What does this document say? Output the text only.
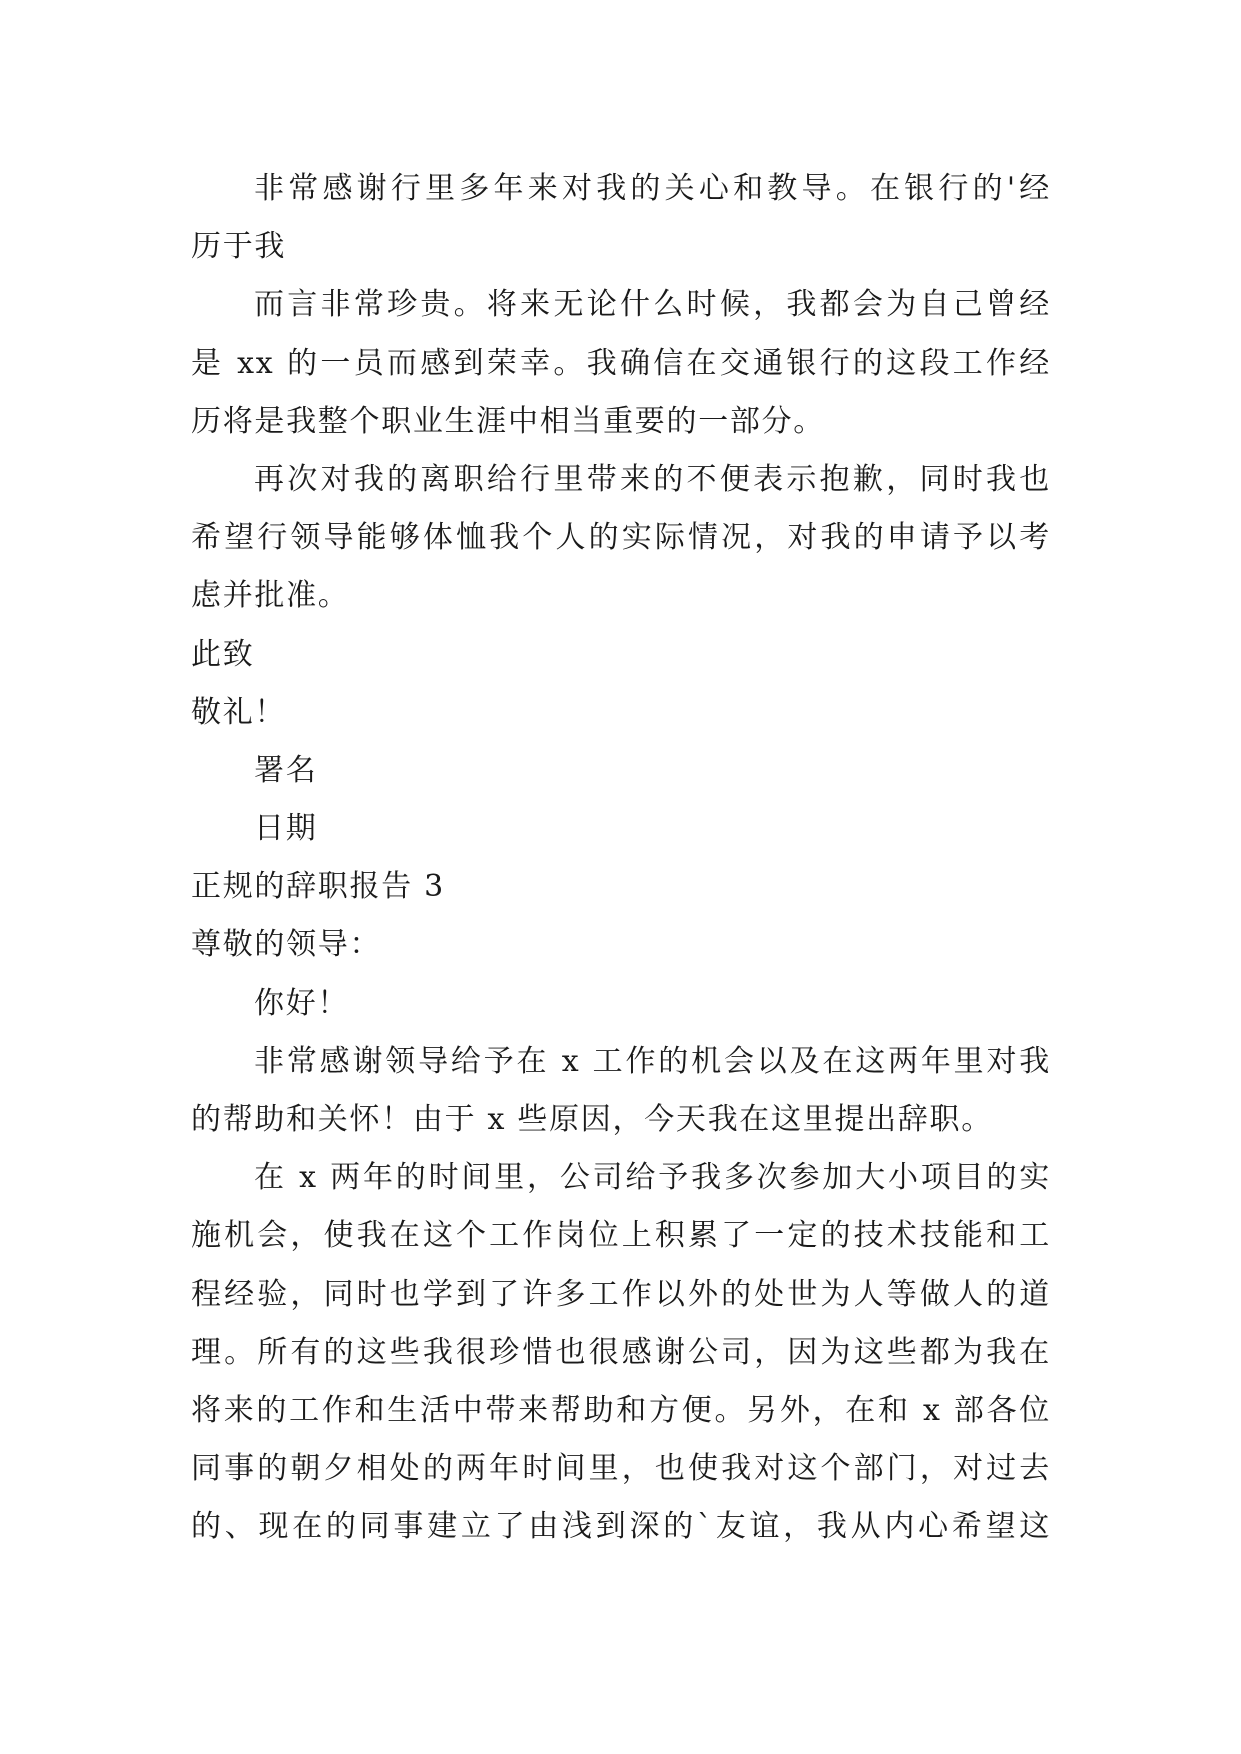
非常感谢行里多年来对我的关心和教导。在银行的'经
历于我
而言非常珍贵。将来无论什么时候，我都会为自己曾经
是 xx 的一员而感到荣幸。我确信在交通银行的这段工作经
历将是我整个职业生涯中相当重要的一部分。
再次对我的离职给行里带来的不便表示抱歉，同时我也
希望行领导能够体恤我个人的实际情况，对我的申请予以考
虑并批准。
此致
敬礼！
署名
日期
正规的辞职报告 3
尊敬的领导：
你好！
非常感谢领导给予在 x 工作的机会以及在这两年里对我
的帮助和关怀！由于 x 些原因，今天我在这里提出辞职。
在 x 两年的时间里，公司给予我多次参加大小项目的实
施机会，使我在这个工作岗位上积累了一定的技术技能和工
程经验，同时也学到了许多工作以外的处世为人等做人的道
理。所有的这些我很珍惜也很感谢公司，因为这些都为我在
将来的工作和生活中带来帮助和方便。另外，在和 x 部各位
同事的朝夕相处的两年时间里，也使我对这个部门，对过去
的、现在的同事建立了由浅到深的`友谊，我从内心希望这
